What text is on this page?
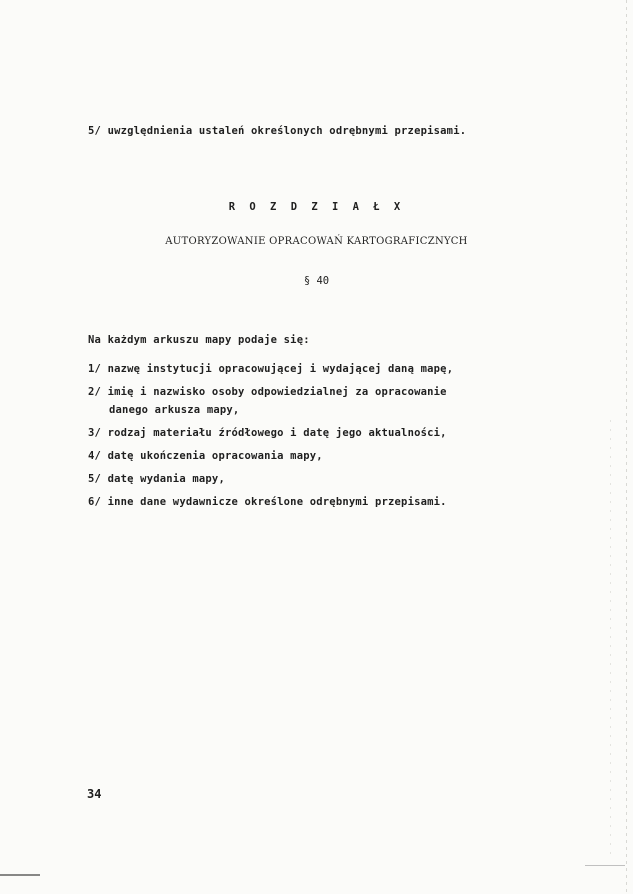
5/ uwzględnienia ustaleń określonych odrębnymi przepisami.
R O Z D Z I A Ł X
AUTORYZOWANIE OPRACOWAŃ KARTOGRAFICZNYCH
§ 40
Na każdym arkuszu mapy podaje się:
1/ nazwę instytucji opracowującej i wydającej daną mapę,
2/ imię i nazwisko osoby odpowiedzialnej za opracowanie
danego arkusza mapy,
3/ rodzaj materiału źródłowego i datę jego aktualności,
4/ datę ukończenia opracowania mapy,
5/ datę wydania mapy,
6/ inne dane wydawnicze określone odrębnymi przepisami.
34
